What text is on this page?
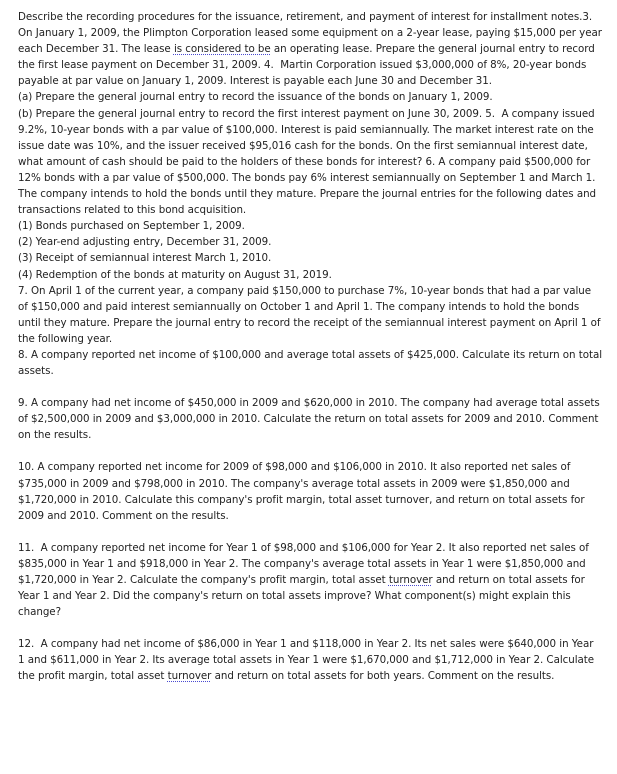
Describe the recording procedures for the issuance, retirement, and payment of interest for installment notes.3. On January 1, 2009, the Plimpton Corporation leased some equipment on a 2-year lease, paying $15,000 per year each December 31. The lease is considered to be an operating lease. Prepare the general journal entry to record the first lease payment on December 31, 2009. 4.  Martin Corporation issued $3,000,000 of 8%, 20-year bonds payable at par value on January 1, 2009. Interest is payable each June 30 and December 31.

(a) Prepare the general journal entry to record the issuance of the bonds on January 1, 2009.

(b) Prepare the general journal entry to record the first interest payment on June 30, 2009. 5.  A company issued 9.2%, 10-year bonds with a par value of $100,000. Interest is paid semiannually. The market interest rate on the issue date was 10%, and the issuer received $95,016 cash for the bonds. On the first semiannual interest date, what amount of cash should be paid to the holders of these bonds for interest? 6. A company paid $500,000 for 12% bonds with a par value of $500,000. The bonds pay 6% interest semiannually on September 1 and March 1. The company intends to hold the bonds until they mature. Prepare the journal entries for the following dates and transactions related to this bond acquisition.

(1) Bonds purchased on September 1, 2009.

(2) Year-end adjusting entry, December 31, 2009.

(3) Receipt of semiannual interest March 1, 2010.

(4) Redemption of the bonds at maturity on August 31, 2019.

7. On April 1 of the current year, a company paid $150,000 to purchase 7%, 10-year bonds that had a par value of $150,000 and paid interest semiannually on October 1 and April 1. The company intends to hold the bonds until they mature. Prepare the journal entry to record the receipt of the semiannual interest payment on April 1 of the following year.

8. A company reported net income of $100,000 and average total assets of $425,000. Calculate its return on total assets.

9. A company had net income of $450,000 in 2009 and $620,000 in 2010. The company had average total assets of $2,500,000 in 2009 and $3,000,000 in 2010. Calculate the return on total assets for 2009 and 2010. Comment on the results.

10. A company reported net income for 2009 of $98,000 and $106,000 in 2010. It also reported net sales of $735,000 in 2009 and $798,000 in 2010. The company's average total assets in 2009 were $1,850,000 and $1,720,000 in 2010. Calculate this company's profit margin, total asset turnover, and return on total assets for 2009 and 2010. Comment on the results.

11.  A company reported net income for Year 1 of $98,000 and $106,000 for Year 2. It also reported net sales of $835,000 in Year 1 and $918,000 in Year 2. The company's average total assets in Year 1 were $1,850,000 and $1,720,000 in Year 2. Calculate the company's profit margin, total asset turnover and return on total assets for Year 1 and Year 2. Did the company's return on total assets improve? What component(s) might explain this change?

12.  A company had net income of $86,000 in Year 1 and $118,000 in Year 2. Its net sales were $640,000 in Year 1 and $611,000 in Year 2. Its average total assets in Year 1 were $1,670,000 and $1,712,000 in Year 2. Calculate the profit margin, total asset turnover and return on total assets for both years. Comment on the results.
